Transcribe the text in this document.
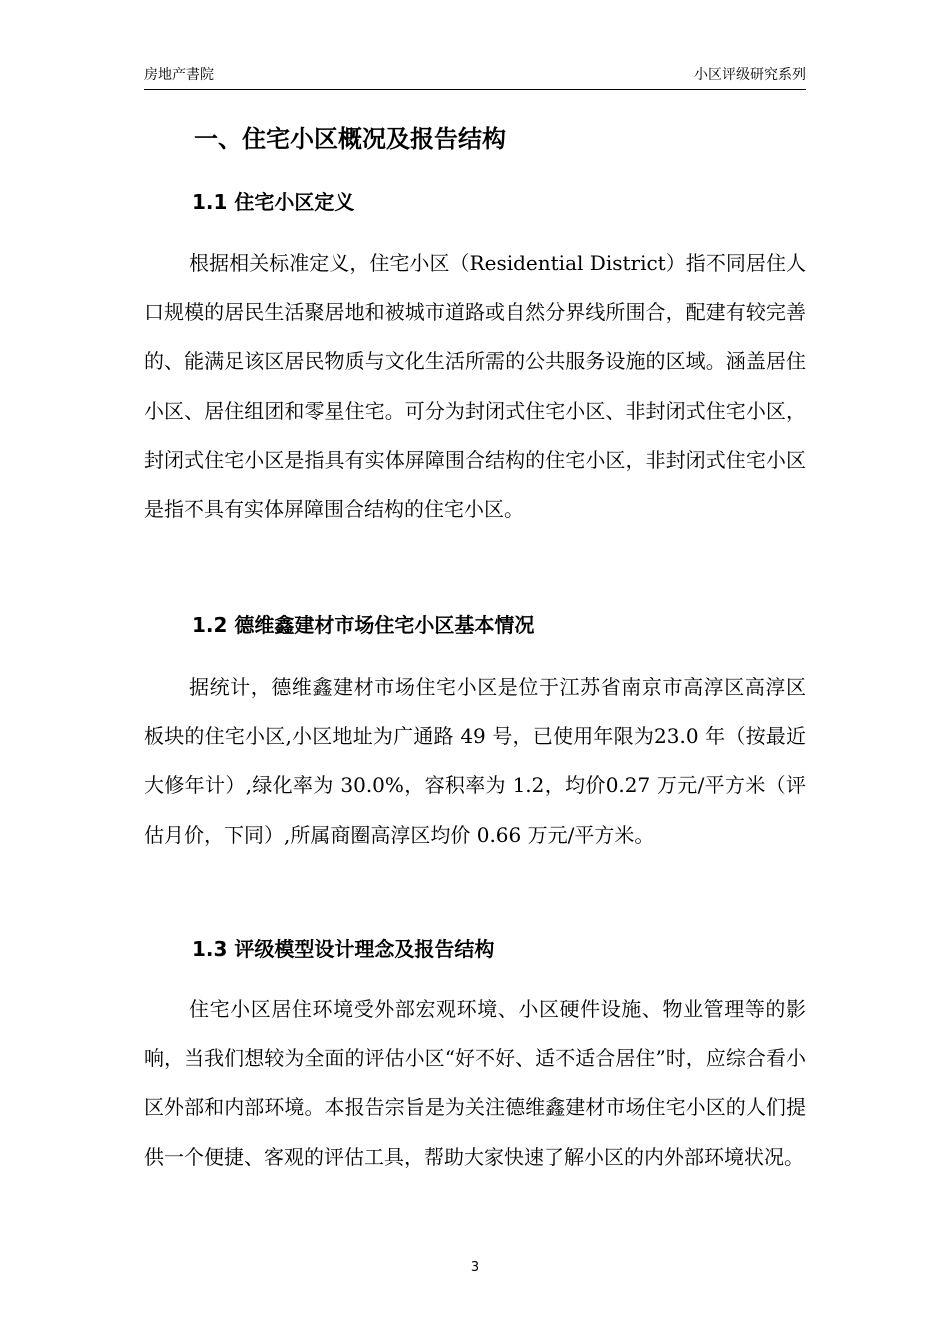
房地产書院	小区评级研究系列
一、住宅小区概况及报告结构
1.1 住宅小区定义
根据相关标准定义，住宅小区（Residential District）指不同居住人口规模的居民生活聚居地和被城市道路或自然分界线所围合，配建有较完善的、能满足该区居民物质与文化生活所需的公共服务设施的区域。涵盖居住小区、居住组团和零星住宅。可分为封闭式住宅小区、非封闭式住宅小区，封闭式住宅小区是指具有实体屏障围合结构的住宅小区，非封闭式住宅小区是指不具有实体屏障围合结构的住宅小区。
1.2 德维鑫建材市场住宅小区基本情况
据统计，德维鑫建材市场住宅小区是位于江苏省南京市高淳区高淳区板块的住宅小区,小区地址为广通路 49 号，已使用年限为23.0 年（按最近大修年计）,绿化率为 30.0%，容积率为 1.2，均价0.27 万元/平方米（评估月价，下同）,所属商圈高淳区均价 0.66 万元/平方米。
1.3 评级模型设计理念及报告结构
住宅小区居住环境受外部宏观环境、小区硬件设施、物业管理等的影响，当我们想较为全面的评估小区“好不好、适不适合居住”时，应综合看小区外部和内部环境。本报告宗旨是为关注德维鑫建材市场住宅小区的人们提供一个便捷、客观的评估工具，帮助大家快速了解小区的内外部环境状况。
3
